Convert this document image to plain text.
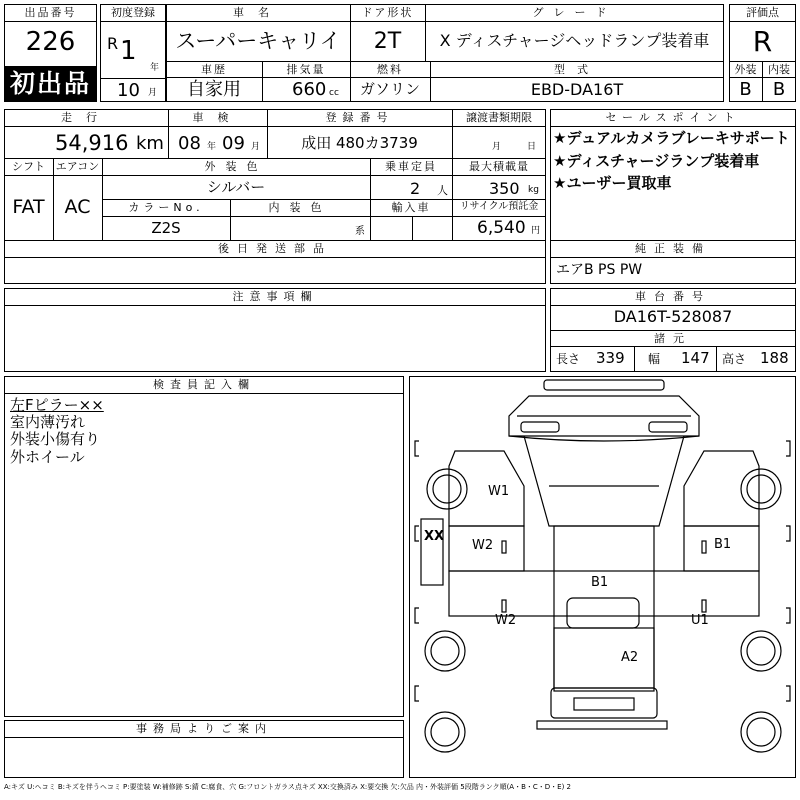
出品番号
226
初出品
初度登録
R 1
年
10 月
車名
スーパーキャリイ
ドア形状
2T
グレード
X ディスチャージヘッドランプ装着車
車歴
自家用
排気量
660 cc
燃料
ガソリン
型式
EBD-DA16T
評価点
R
外装
B
内装
B
走行
54,916 km
車検
08 年 09 月
登録番号
成田 480カ3739
譲渡書類期限
月	日
シフト
FAT
エアコン
AC
外装色
シルバー
乗車定員
2 人
最大積載量
350 kg
カラーNo.
Z2S
内装色
系
輸入車	リサイクル預託金
6,540 円
後日発送部品
セールスポイント
★デュアルカメラブレーキサポート
★ディスチャージランプ装着車
★ユーザー買取車
純正装備
エアB PS PW
注意事項欄	車台番号
DA16T-528087
諸元
長さ 339 幅 147 高さ 188
検査員記入欄
左Fピラー××
室内薄汚れ
外装小傷有り
外ホイール
事務局よりご案内
W1
XX
W2	B1
B1
W2	U1
A2
A:キズ U:ヘコミ B:キズを伴うヘコミ P:要塗装 W:補修跡 S:錆 C:腐食、穴 G:フロントガラス点キズ XX:交換済み X:要交換 欠:欠品 内・外装評価 5段階ランク順(A・B・C・D・E) 2
